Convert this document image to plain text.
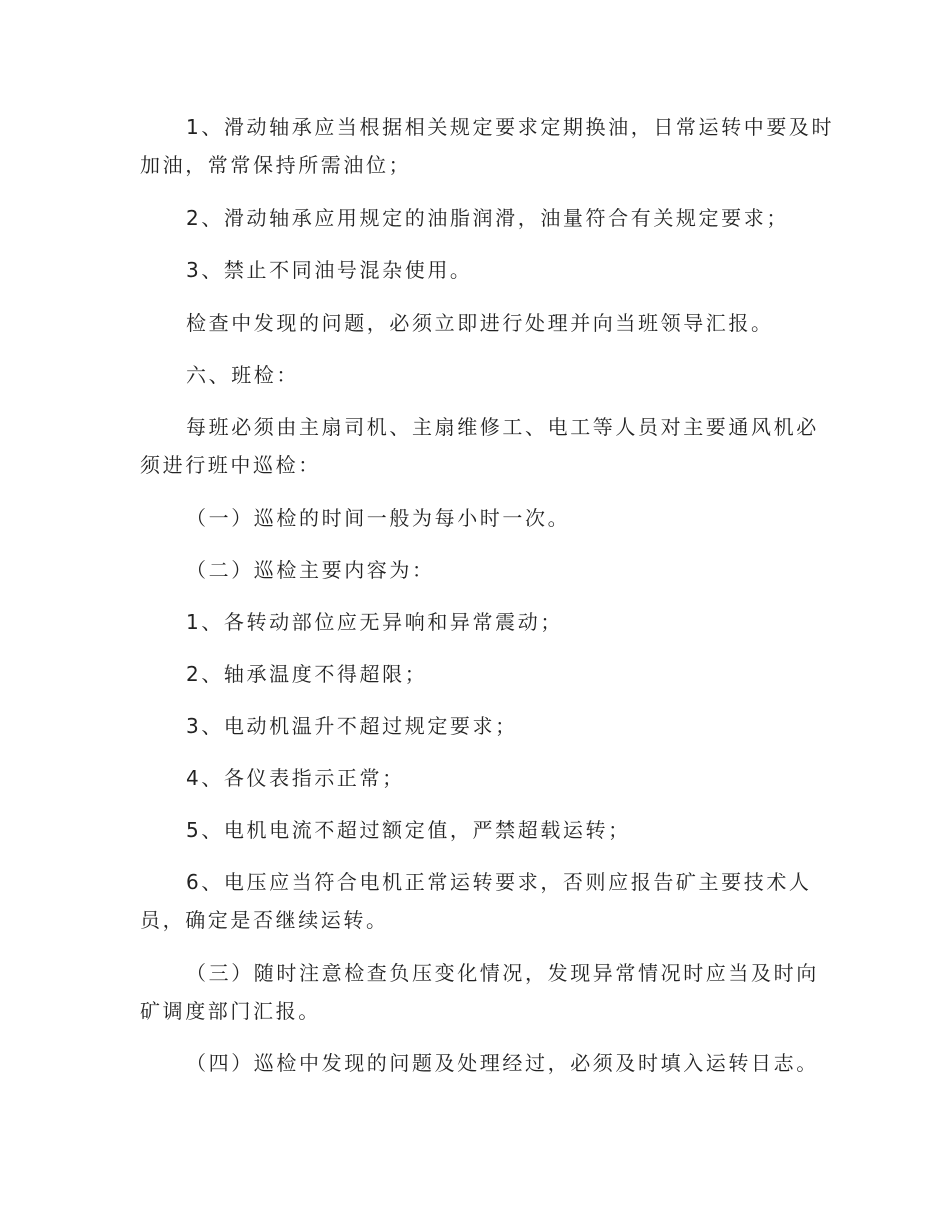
1、滑动轴承应当根据相关规定要求定期换油，日常运转中要及时
加油，常常保持所需油位；

2、滑动轴承应用规定的油脂润滑，油量符合有关规定要求；

3、禁止不同油号混杂使用。

检查中发现的问题，必须立即进行处理并向当班领导汇报。

六、班检：

每班必须由主扇司机、主扇维修工、电工等人员对主要通风机必
须进行班中巡检：

（一）巡检的时间一般为每小时一次。

（二）巡检主要内容为：

1、各转动部位应无异响和异常震动；

2、轴承温度不得超限；

3、电动机温升不超过规定要求；

4、各仪表指示正常；

5、电机电流不超过额定值，严禁超载运转；

6、电压应当符合电机正常运转要求，否则应报告矿主要技术人
员，确定是否继续运转。

（三）随时注意检查负压变化情况，发现异常情况时应当及时向
矿调度部门汇报。

（四）巡检中发现的问题及处理经过，必须及时填入运转日志。
